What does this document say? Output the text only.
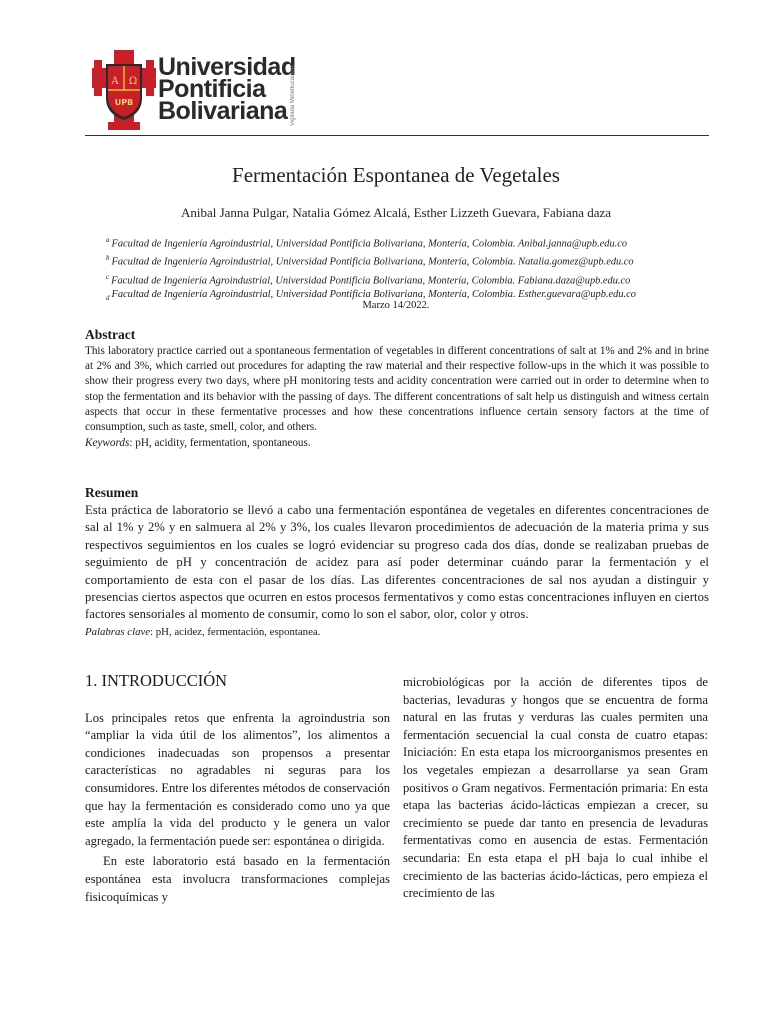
Α Ω
UPB
Universidad
Pontificia
Bolivariana Vigilada Mineducación
Fermentación Espontanea de Vegetales
Anibal Janna Pulgar, Natalia Gómez Alcalá, Esther Lizzeth Guevara, Fabiana daza
$^a$ Facultad de Ingeniería Agroindustrial, Universidad Pontificia Bolivariana, Montería, Colombia. Anibal.janna@upb.edu.co
$^b$ Facultad de Ingeniería Agroindustrial, Universidad Pontificia Bolivariana, Montería, Colombia. Natalia.gomez@upb.edu.co
$^c$ Facultad de Ingeniería Agroindustrial, Universidad Pontificia Bolivariana, Montería, Colombia. Fabiana.daza@upb.edu.co
$_d$ Facultad de Ingeniería Agroindustrial, Universidad Pontificia Bolivariana, Montería, Colombia. Esther.guevara@upb.edu.co
Marzo 14/2022.
Abstract

This laboratory practice carried out a spontaneous fermentation of vegetables in different concentrations of salt at 1% and 2% and in brine at 2% and 3%, which carried out procedures for adapting the raw material and their respective follow-ups in the which it was possible to show their progress every two days, where pH monitoring tests and acidity concentration were carried out in order to determine when to stop the fermentation and its behavior with the passing of days. The different concentrations of salt help us distinguish and witness certain aspects that occur in these fermentative processes and how these concentrations influence certain sensory factors at the time of consumption, such as taste, smell, color, and others.

Keywords: pH, acidity, fermentation, spontaneous.
Resumen

Esta práctica de laboratorio se llevó a cabo una fermentación espontánea de vegetales en diferentes concentraciones de sal al 1% y 2% y en salmuera al 2% y 3%, los cuales llevaron procedimientos de adecuación de la materia prima y sus respectivos seguimientos en los cuales se logró evidenciar su progreso cada dos días, donde se realizaban pruebas de seguimiento de pH y concentración de acidez para así poder determinar cuándo parar la fermentación y el comportamiento de esta con el pasar de los días. Las diferentes concentraciones de sal nos ayudan a distinguir y presencias ciertos aspectos que ocurren en estos procesos fermentativos y como estas concentraciones influyen en ciertos factores sensoriales al momento de consumir, como lo son el sabor, olor, color y otros.

Palabras clave: pH, acidez, fermentación, espontanea.
1. INTRODUCCIÓN

Los principales retos que enfrenta la agroindustria son “ampliar la vida útil de los alimentos”, los alimentos a condiciones inadecuadas son propensos a presentar características no agradables ni seguras para los consumidores. Entre los diferentes métodos de conservación que hay la fermentación es considerado como uno ya que este amplía la vida del producto y le genera un valor agregado, la fermentación puede ser: espontánea o dirigida.

En este laboratorio está basado en la fermentación espontánea esta involucra transformaciones complejas fisicoquímicas y

microbiológicas por la acción de diferentes tipos de bacterias, levaduras y hongos que se encuentra de forma natural en las frutas y verduras las cuales permiten una fermentación secuencial la cual consta de cuatro etapas: Iniciación: En esta etapa los microorganismos presentes en los vegetales empiezan a desarrollarse ya sean Gram positivos o Gram negativos. Fermentación primaria: En esta etapa las bacterias ácido-lácticas empiezan a crecer, su crecimiento se puede dar tanto en presencia de levaduras fermentativas como en ausencia de estas. Fermentación secundaria: En esta etapa el pH baja lo cual inhibe el crecimiento de las bacterias ácido-lácticas, pero empieza el crecimiento de las
